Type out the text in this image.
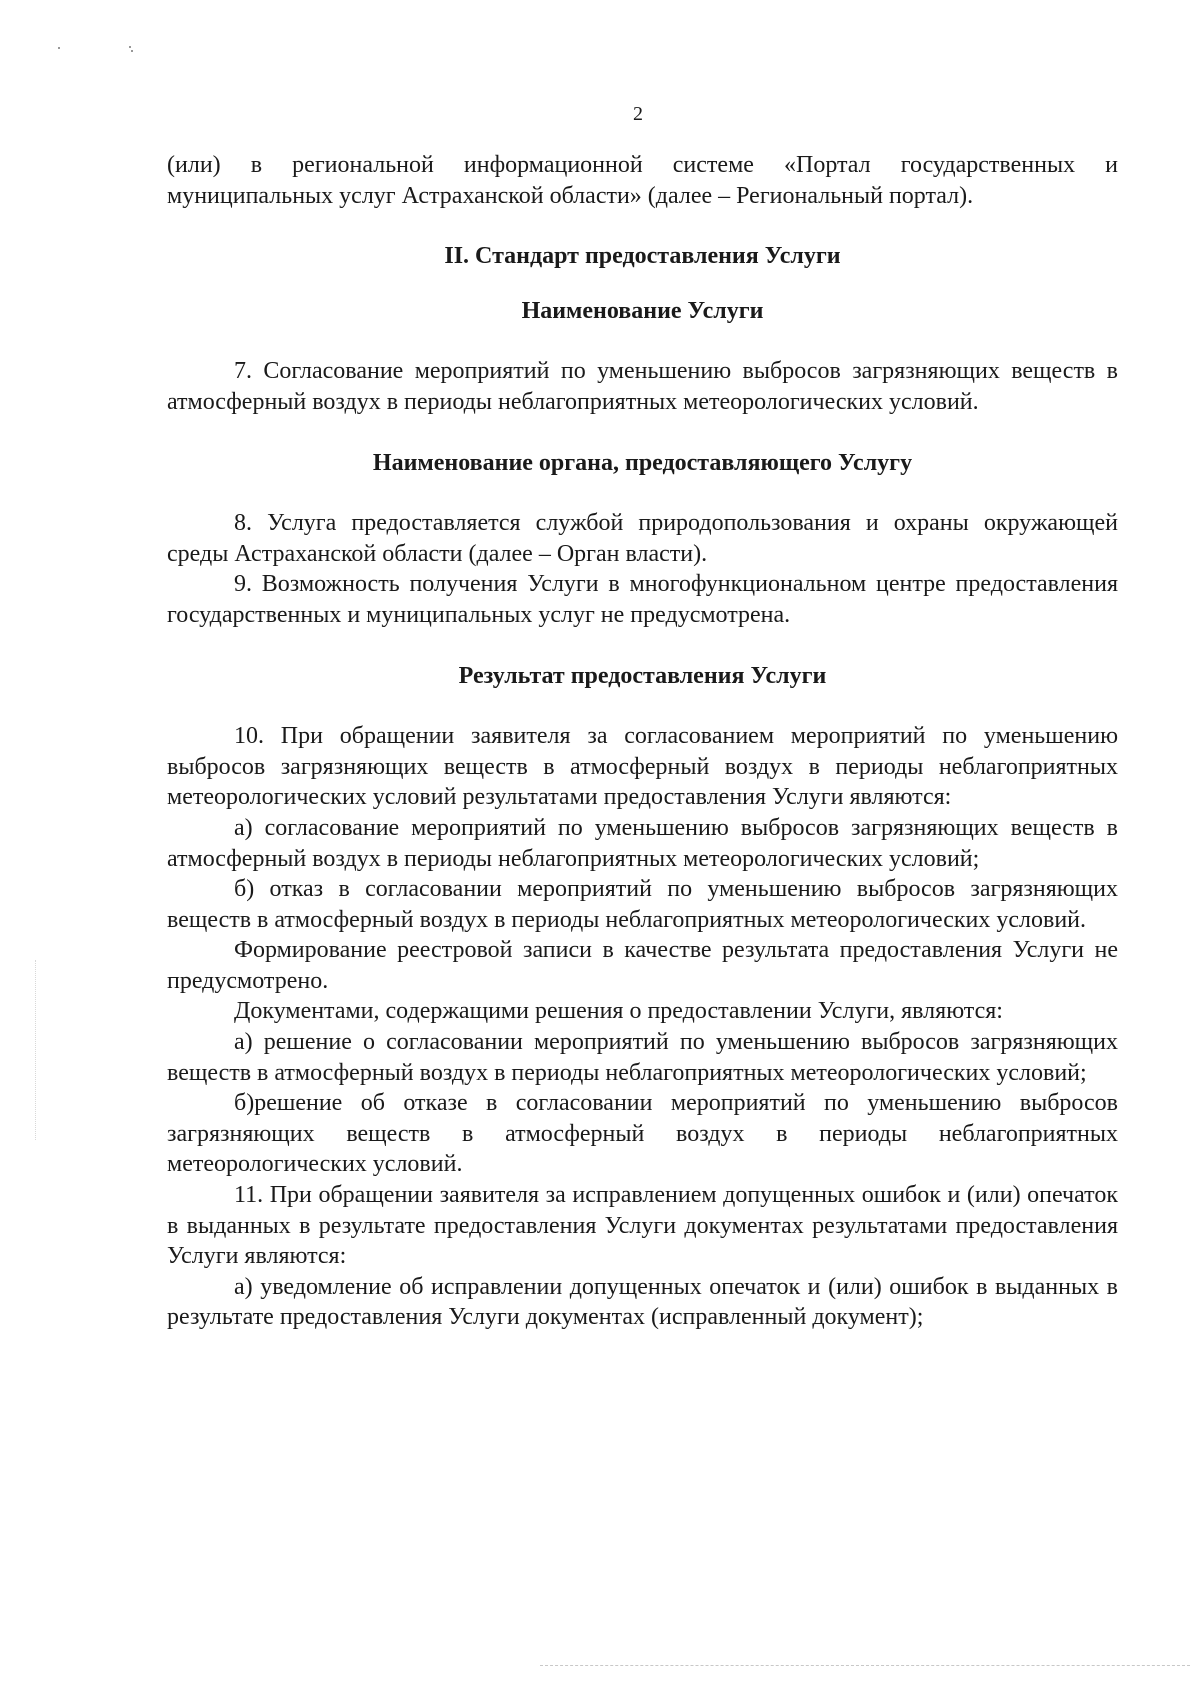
2

(или) в региональной информационной системе «Портал государственных и муниципальных услуг Астраханской области» (далее – Региональный портал).

II. Стандарт предоставления Услуги

Наименование Услуги

7. Согласование мероприятий по уменьшению выбросов загрязняющих веществ в атмосферный воздух в периоды неблагоприятных метеорологических условий.

Наименование органа, предоставляющего Услугу

8. Услуга предоставляется службой природопользования и охраны окружающей среды Астраханской области (далее – Орган власти).

9. Возможность получения Услуги в многофункциональном центре предоставления государственных и муниципальных услуг не предусмотрена.

Результат предоставления Услуги

10. При обращении заявителя за согласованием мероприятий по уменьшению выбросов загрязняющих веществ в атмосферный воздух в периоды неблагоприятных метеорологических условий результатами предоставления Услуги являются:

а) согласование мероприятий по уменьшению выбросов загрязняющих веществ в атмосферный воздух в периоды неблагоприятных метеорологических условий;

б) отказ в согласовании мероприятий по уменьшению выбросов загрязняющих веществ в атмосферный воздух в периоды неблагоприятных метеорологических условий.

Формирование реестровой записи в качестве результата предоставления Услуги не предусмотрено.

Документами, содержащими решения о предоставлении Услуги, являются:

а) решение о согласовании мероприятий по уменьшению выбросов загрязняющих веществ в атмосферный воздух в периоды неблагоприятных метеорологических условий;

б)решение об отказе в согласовании мероприятий по уменьшению выбросов загрязняющих веществ в атмосферный воздух в периоды неблагоприятных метеорологических условий.

11. При обращении заявителя за исправлением допущенных ошибок и (или) опечаток в выданных в результате предоставления Услуги документах результатами предоставления Услуги являются:

а) уведомление об исправлении допущенных опечаток и (или) ошибок в выданных в результате предоставления Услуги документах (исправленный документ);
